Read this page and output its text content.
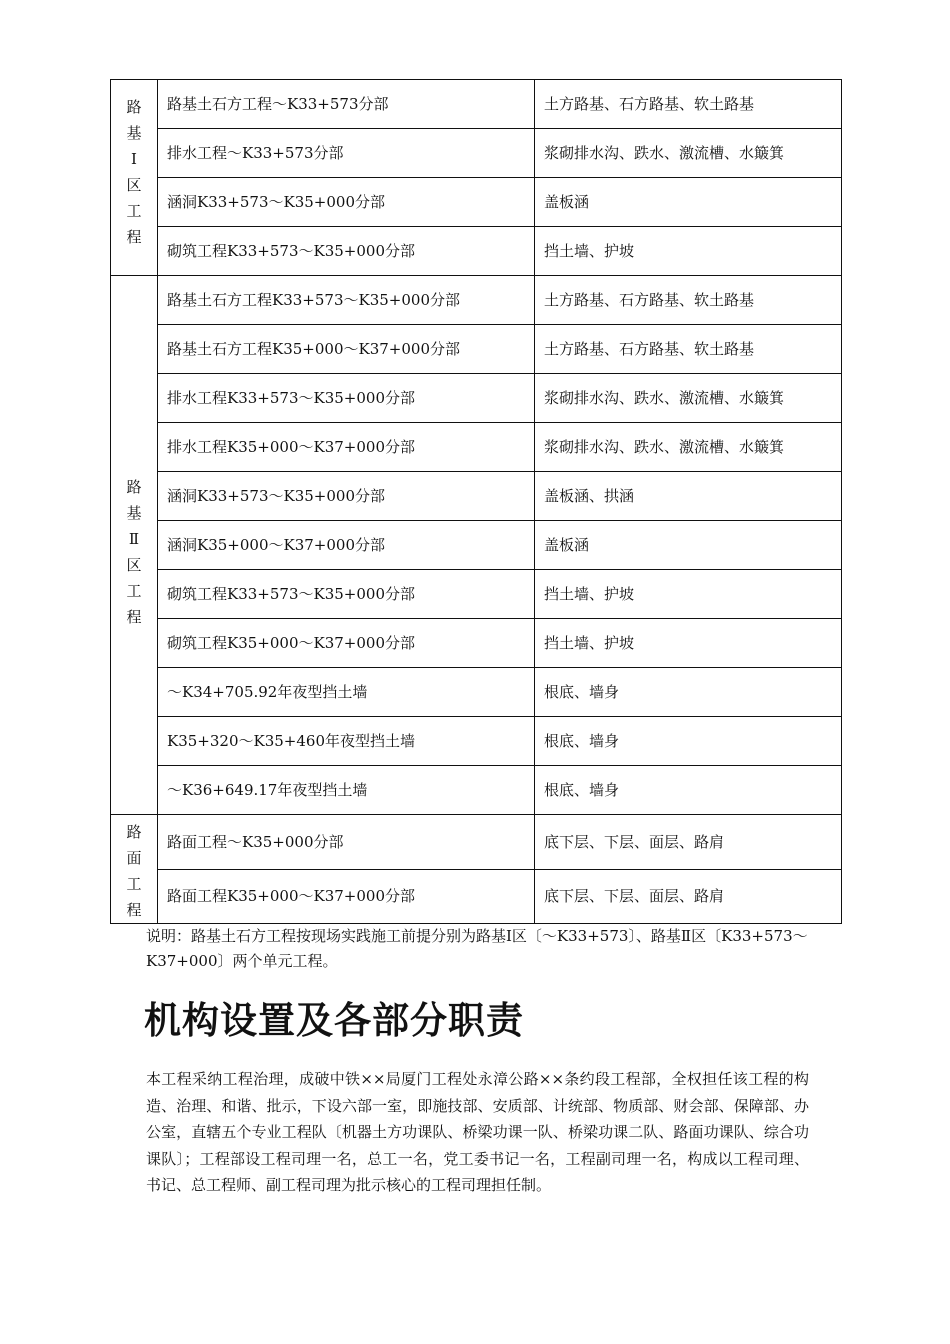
路基Ⅰ区工程	路基土石方工程～K33+573分部	土方路基、石方路基、软土路基
	排水工程～K33+573分部	浆砌排水沟、跌水、激流槽、水簸箕
	涵洞K33+573～K35+000分部	盖板涵
	砌筑工程K33+573～K35+000分部	挡土墙、护坡
路基Ⅱ区工程	路基土石方工程K33+573～K35+000分部	土方路基、石方路基、软土路基
	路基土石方工程K35+000～K37+000分部	土方路基、石方路基、软土路基
	排水工程K33+573～K35+000分部	浆砌排水沟、跌水、激流槽、水簸箕
	排水工程K35+000～K37+000分部	浆砌排水沟、跌水、激流槽、水簸箕
	涵洞K33+573～K35+000分部	盖板涵、拱涵
	涵洞K35+000～K37+000分部	盖板涵
	砌筑工程K33+573～K35+000分部	挡土墙、护坡
	砌筑工程K35+000～K37+000分部	挡土墙、护坡
	～K34+705.92年夜型挡土墙	根底、墙身
	K35+320～K35+460年夜型挡土墙	根底、墙身
	～K36+649.17年夜型挡土墙	根底、墙身
路面工程	路面工程～K35+000分部	底下层、下层、面层、路肩
	路面工程K35+000～K37+000分部	底下层、下层、面层、路肩
说明：路基土石方工程按现场实践施工前提分别为路基Ⅰ区〔～K33+573〕、路基Ⅱ区〔K33+573～K37+000〕两个单元工程。
机构设置及各部分职责
本工程采纳工程治理，成破中铁××局厦门工程处永漳公路××条约段工程部，全权担任该工程的构造、治理、和谐、批示，下设六部一室，即施技部、安质部、计统部、物质部、财会部、保障部、办公室，直辖五个专业工程队〔机器土方功课队、桥梁功课一队、桥梁功课二队、路面功课队、综合功课队〕；工程部设工程司理一名，总工一名，党工委书记一名，工程副司理一名，构成以工程司理、书记、总工程师、副工程司理为批示核心的工程司理担任制。
